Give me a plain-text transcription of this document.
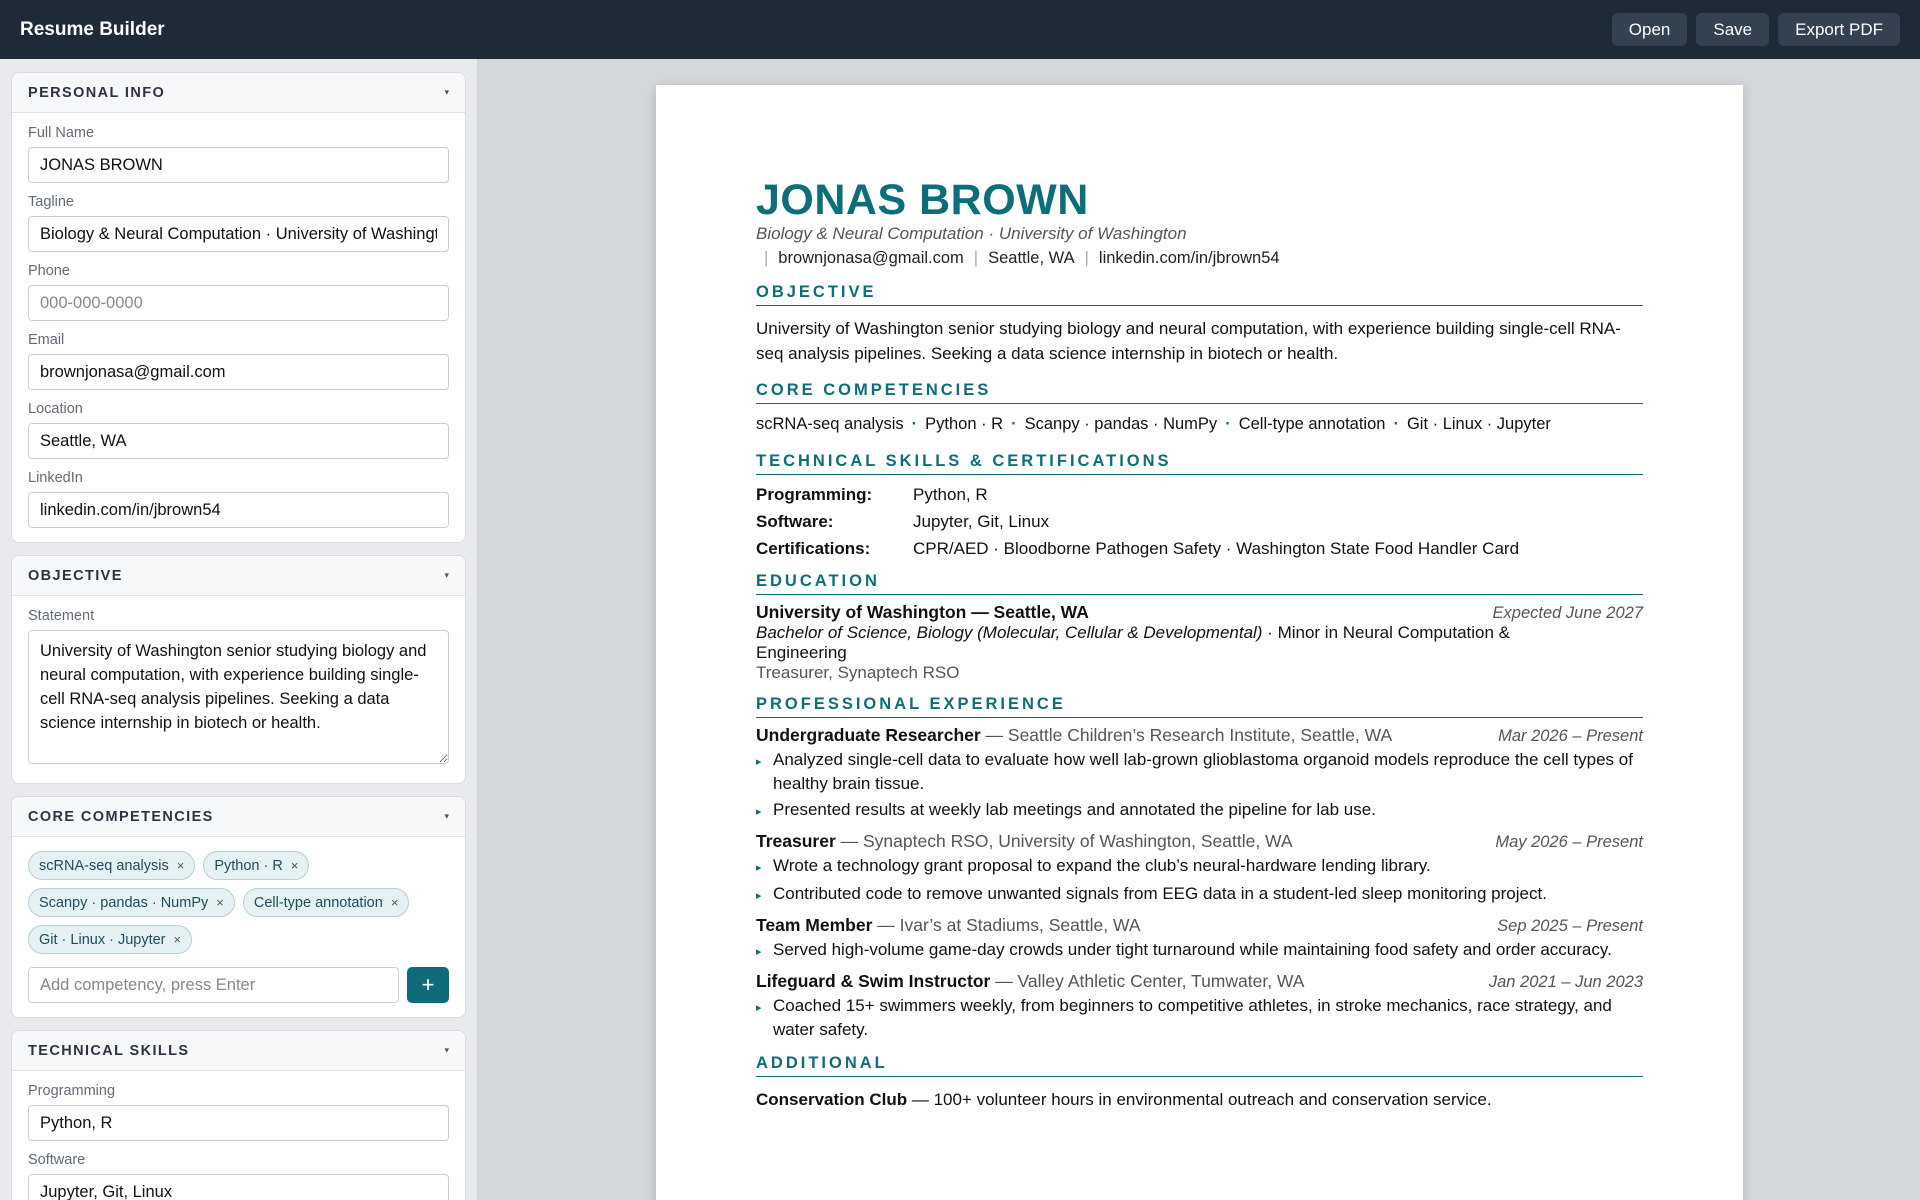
Resume Builder	Open	Save	Export PDF
PERSONAL INFO	▾
Full Name
JONAS BROWN
Tagline
Biology & Neural Computation · University of Washington
Phone
000-000-0000
Email
brownjonasa@gmail.com
Location
Seattle, WA
LinkedIn
linkedin.com/in/jbrown54
OBJECTIVE	▾
Statement
University of Washington senior studying biology and neural computation, with experience building single-cell RNA-seq analysis pipelines. Seeking a data science internship in biotech or health.
CORE COMPETENCIES	▾
scRNA-seq analysis × Python · R ×
Scanpy · pandas · NumPy × Cell-type annotation ×
Git · Linux · Jupyter ×
Add competency, press Enter
+
TECHNICAL SKILLS	▾
Programming
Python, R
Software
Jupyter, Git, Linux
JONAS BROWN
Biology & Neural Computation · University of Washington
| brownjonasa@gmail.com | Seattle, WA | linkedin.com/in/jbrown54
OBJECTIVE
University of Washington senior studying biology and neural computation, with experience building single-cell RNA-seq analysis pipelines. Seeking a data science internship in biotech or health.
CORE COMPETENCIES
scRNA-seq analysis · Python · R · Scanpy · pandas · NumPy · Cell-type annotation · Git · Linux · Jupyter
TECHNICAL SKILLS & CERTIFICATIONS
Programming:	Python, R
Software:	Jupyter, Git, Linux
Certifications:	CPR/AED · Bloodborne Pathogen Safety · Washington State Food Handler Card
EDUCATION
University of Washington — Seattle, WA	Expected June 2027
Bachelor of Science, Biology (Molecular, Cellular & Developmental) · Minor in Neural Computation & Engineering
Treasurer, Synaptech RSO
PROFESSIONAL EXPERIENCE
Undergraduate Researcher — Seattle Children’s Research Institute, Seattle, WA	Mar 2026 – Present
▸ Analyzed single-cell data to evaluate how well lab-grown glioblastoma organoid models reproduce the cell types of healthy brain tissue.
▸ Presented results at weekly lab meetings and annotated the pipeline for lab use.
Treasurer — Synaptech RSO, University of Washington, Seattle, WA	May 2026 – Present
▸ Wrote a technology grant proposal to expand the club’s neural-hardware lending library.
▸ Contributed code to remove unwanted signals from EEG data in a student-led sleep monitoring project.
Team Member — Ivar’s at Stadiums, Seattle, WA	Sep 2025 – Present
▸ Served high-volume game-day crowds under tight turnaround while maintaining food safety and order accuracy.
Lifeguard & Swim Instructor — Valley Athletic Center, Tumwater, WA	Jan 2021 – Jun 2023
▸ Coached 15+ swimmers weekly, from beginners to competitive athletes, in stroke mechanics, race strategy, and water safety.
ADDITIONAL
Conservation Club — 100+ volunteer hours in environmental outreach and conservation service.
